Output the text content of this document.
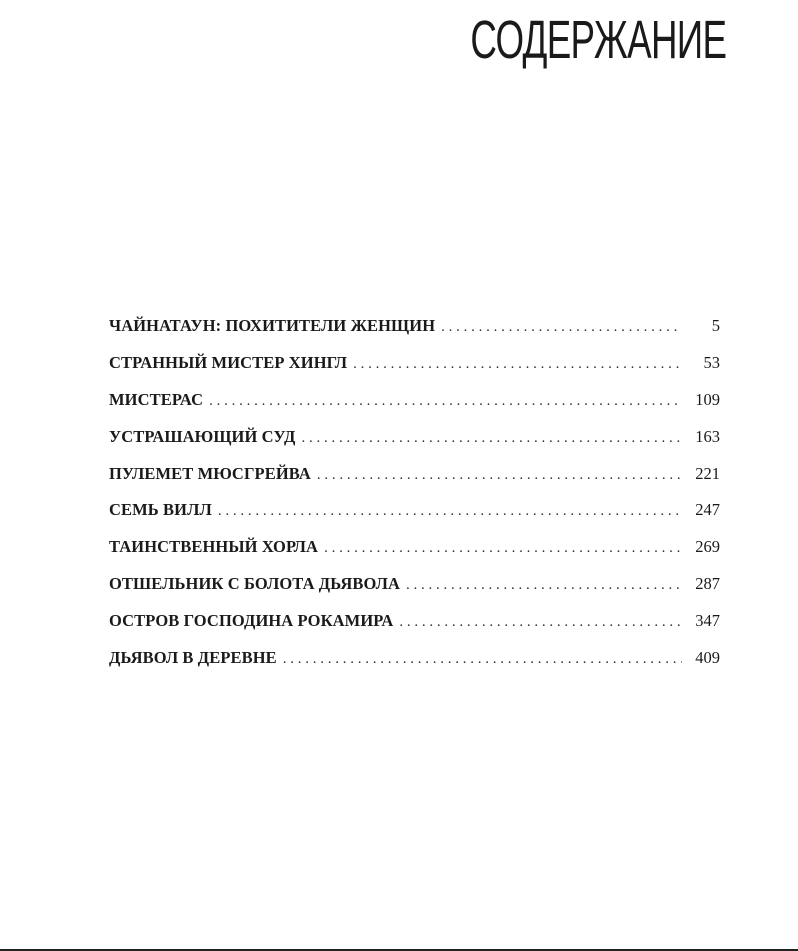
СОДЕРЖАНИЕ
ЧАЙНАТАУН: ПОХИТИТЕЛИ ЖЕНЩИН . . .	5
СТРАННЫЙ МИСТЕР ХИНГЛ . . .	53
МИСТЕРАС . . .	109
УСТРАШАЮЩИЙ СУД . . .	163
ПУЛЕМЕТ МЮСГРЕЙВА . . .	221
СЕМЬ ВИЛЛ . . .	247
ТАИНСТВЕННЫЙ ХОРЛА . . .	269
ОТШЕЛЬНИК С БОЛОТА ДЬЯВОЛА . . .	287
ОСТРОВ ГОСПОДИНА РОКАМИРА . . .	347
ДЬЯВОЛ В ДЕРЕВНЕ . . .	409
